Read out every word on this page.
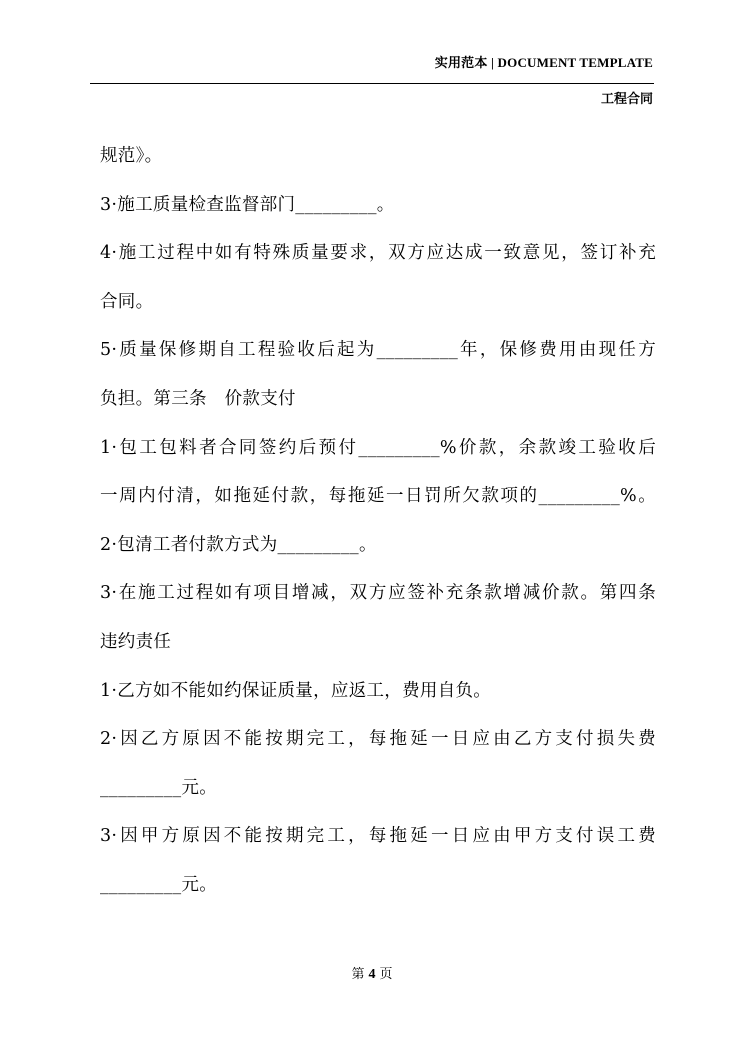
实用范本 | DOCUMENT TEMPLATE
工程合同
规范》。
3·施工质量检查监督部门_________。
4·施工过程中如有特殊质量要求，双方应达成一致意见，签订补充
合同。
5·质量保修期自工程验收后起为_________年，保修费用由现任方
负担。第三条　价款支付
1·包工包料者合同签约后预付_________%价款，余款竣工验收后
一周内付清，如拖延付款，每拖延一日罚所欠款项的_________%。
2·包清工者付款方式为_________。
3·在施工过程如有项目增减，双方应签补充条款增减价款。第四条
违约责任
1·乙方如不能如约保证质量，应返工，费用自负。
2·因乙方原因不能按期完工，每拖延一日应由乙方支付损失费
_________元。
3·因甲方原因不能按期完工，每拖延一日应由甲方支付误工费
_________元。
第 4 页
